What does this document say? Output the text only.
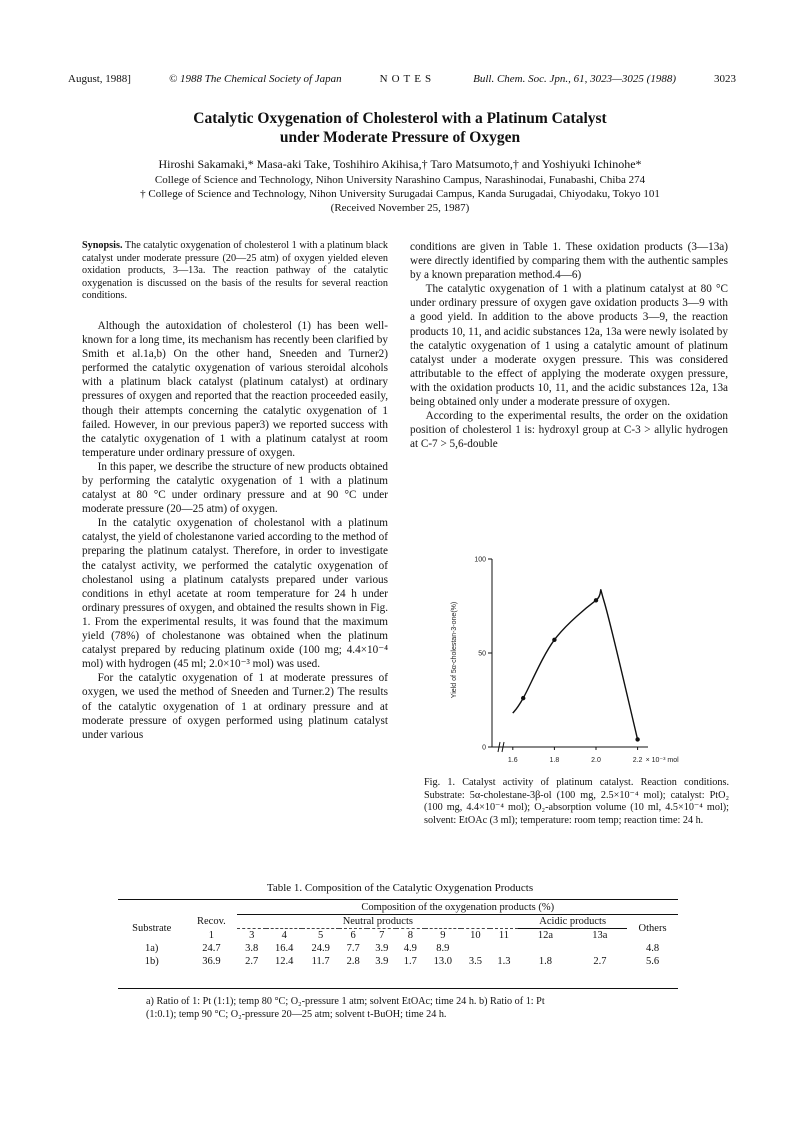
August, 1988]	© 1988 The Chemical Society of Japan	NOTES	Bull. Chem. Soc. Jpn., 61, 3023—3025 (1988)	3023
Catalytic Oxygenation of Cholesterol with a Platinum Catalyst
under Moderate Pressure of Oxygen
Hiroshi Sakamaki,* Masa-aki Take, Toshihiro Akihisa,† Taro Matsumoto,† and Yoshiyuki Ichinohe*
College of Science and Technology, Nihon University Narashino Campus, Narashinodai, Funabashi, Chiba 274
† College of Science and Technology, Nihon University Surugadai Campus, Kanda Surugadai, Chiyodaku, Tokyo 101
(Received November 25, 1987)
Synopsis. The catalytic oxygenation of cholesterol 1 with a platinum black catalyst under moderate pressure (20—25 atm) of oxygen yielded eleven oxidation products, 3—13a. The reaction pathway of the catalytic oxygenation is discussed on the basis of the results for several reaction conditions.

Although the autoxidation of cholesterol (1) has been well-known for a long time, its mechanism has recently been clarified by Smith et al.1a,b) On the other hand, Sneeden and Turner2) performed the catalytic oxygenation of various steroidal alcohols with a platinum black catalyst (platinum catalyst) at ordinary pressures of oxygen and reported that the reaction proceeded easily, though their attempts concerning the catalytic oxygenation of 1 failed. However, in our previous paper3) we reported success with the catalytic oxygenation of 1 with a platinum catalyst at room temperature under ordinary pressure of oxygen.

In this paper, we describe the structure of new products obtained by performing the catalytic oxygenation of 1 with a platinum catalyst at 80 °C under ordinary pressure and at 90 °C under moderate pressure (20—25 atm) of oxygen.

In the catalytic oxygenation of cholestanol with a platinum catalyst, the yield of cholestanone varied according to the method of preparing the platinum catalyst. Therefore, in order to investigate the catalyst activity, we performed the catalytic oxygenation of cholestanol using a platinum catalysts prepared under various conditions in ethyl acetate at room temperature for 24 h under ordinary pressures of oxygen, and obtained the results shown in Fig. 1. From the experimental results, it was found that the maximum yield (78%) of cholestanone was obtained when the platinum catalyst prepared by reducing platinum oxide (100 mg; 4.4×10⁻⁴ mol) with hydrogen (45 ml; 2.0×10⁻³ mol) was used.

For the catalytic oxygenation of 1 at moderate pressures of oxygen, we used the method of Sneeden and Turner.2) The results of the catalytic oxygenation of 1 at ordinary pressure and at moderate pressure of oxygen performed using platinum catalyst under various

conditions are given in Table 1. These oxidation products (3—13a) were directly identified by comparing them with the authentic samples by a known preparation method.4—6)

The catalytic oxygenation of 1 with a platinum catalyst at 80 °C under ordinary pressure of oxygen gave oxidation products 3—9 with a good yield. In addition to the above products 3—9, the reaction products 10, 11, and acidic substances 12a, 13a were newly isolated by the catalytic oxygenation of 1 using a catalytic amount of platinum catalyst under a moderate oxygen pressure. This was considered attributable to the effect of applying the moderate oxygen pressure, with the oxidation products 10, 11, and the acidic substances 12a, 13a being obtained only under a moderate pressure of oxygen.

According to the experimental results, the order on the oxidation position of cholesterol 1 is: hydroxyl group at C-3 > allylic hydrogen at C-7 > 5,6-double

Yield of 5α-cholestan-3-one(%)
0
50
100
1.6	1.8	2.0	2.2 × 10⁻³ mol
Fig. 1. Catalyst activity of platinum catalyst. Reaction conditions. Substrate: 5α-cholestane-3β-ol (100 mg, 2.5×10⁻⁴ mol); catalyst: PtO₂ (100 mg, 4.4×10⁻⁴ mol); O₂-absorption volume (10 ml, 4.5×10⁻⁴ mol); solvent: EtOAc (3 ml); temperature: room temp; reaction time: 24 h.
Table 1. Composition of the Catalytic Oxygenation Products
		Composition of the oxygenation products (%)											
Substrate	Recov.	Neutral products									Acidic products		Others
	1	3	4	5	6	7	8	9	10	11	12a	13a	
1a)	24.7	3.8	16.4	24.9	7.7	3.9	4.9	8.9					4.8
1b)	36.9	2.7	12.4	11.7	2.8	3.9	1.7	13.0	3.5	1.3	1.8	2.7	5.6
a) Ratio of 1: Pt (1:1); temp 80 °C; O₂-pressure 1 atm; solvent EtOAc; time 24 h. b) Ratio of 1: Pt (1:0.1); temp 90 °C; O₂-pressure 20—25 atm; solvent t-BuOH; time 24 h.
